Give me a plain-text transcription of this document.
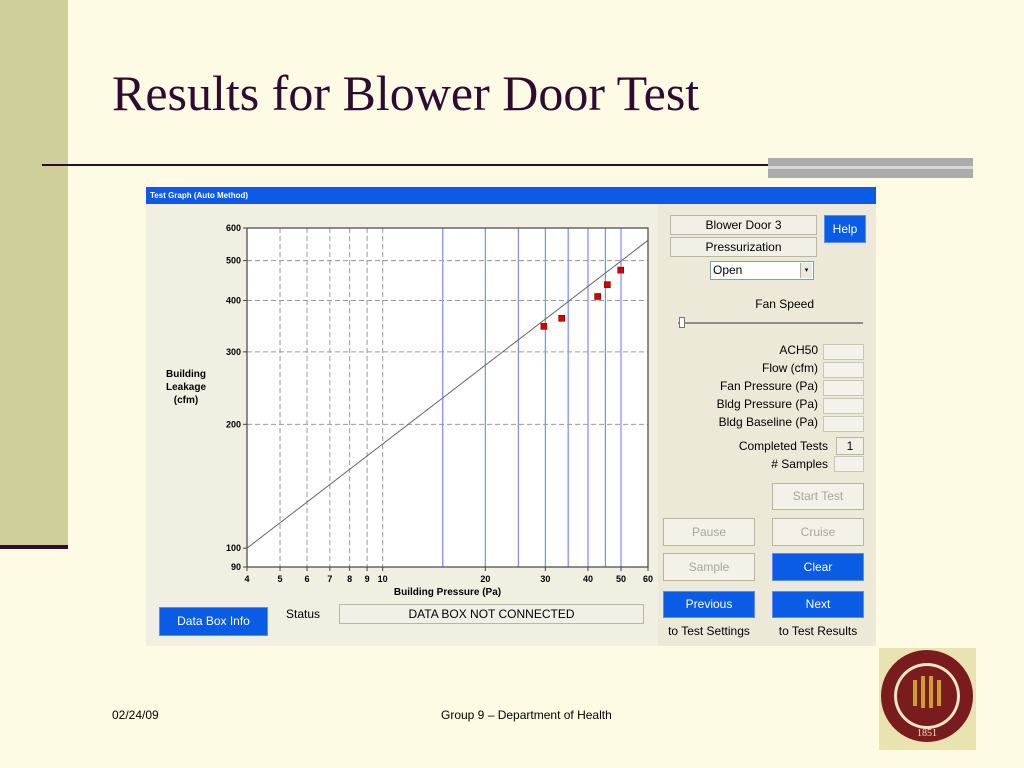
Results for Blower Door Test
Test Graph (Auto Method)
4	5 6 7 8 9 10	20	30	40	50 60
90
100
200
300
400
500
600
Building Pressure (Pa)
Building
Leakage
(cfm)
Blower Door 3
Pressurization
Help
Open	▾
Fan Speed
Completed Tests	1
# Samples
Start Test
Pause	Cruise
Sample	Clear
Previous	Next
to Test Settings	to Test Results
Data Box Info	Status	DATA BOX NOT CONNECTED
ACH50
Flow (cfm)
Fan Pressure (Pa)
Bldg Pressure (Pa)
Bldg Baseline (Pa)
02/24/09	Group 9 – Department of Health
1851
